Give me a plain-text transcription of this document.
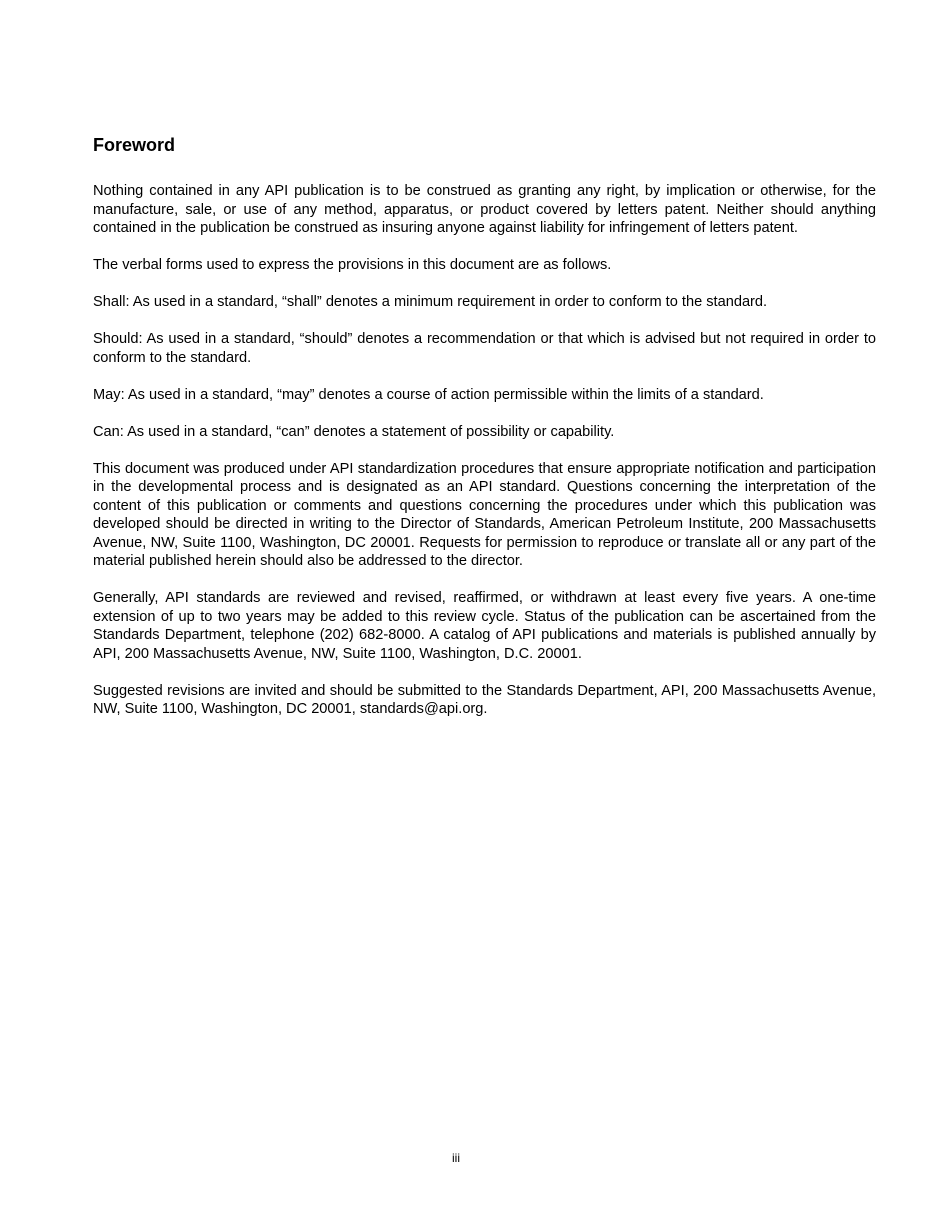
Foreword

Nothing contained in any API publication is to be construed as granting any right, by implication or otherwise, for the manufacture, sale, or use of any method, apparatus, or product covered by letters patent. Neither should anything contained in the publication be construed as insuring anyone against liability for infringement of letters patent.

The verbal forms used to express the provisions in this document are as follows.

Shall: As used in a standard, “shall” denotes a minimum requirement in order to conform to the standard.

Should: As used in a standard, “should” denotes a recommendation or that which is advised but not required in order to conform to the standard.

May: As used in a standard, “may” denotes a course of action permissible within the limits of a standard.

Can: As used in a standard, “can” denotes a statement of possibility or capability.

This document was produced under API standardization procedures that ensure appropriate notification and participation in the developmental process and is designated as an API standard. Questions concerning the interpretation of the content of this publication or comments and questions concerning the procedures under which this publication was developed should be directed in writing to the Director of Standards, American Petroleum Institute, 200 Massachusetts Avenue, NW, Suite 1100, Washington, DC 20001. Requests for permission to reproduce or translate all or any part of the material published herein should also be addressed to the director.

Generally, API standards are reviewed and revised, reaffirmed, or withdrawn at least every five years. A one-time extension of up to two years may be added to this review cycle. Status of the publication can be ascertained from the Standards Department, telephone (202) 682-8000. A catalog of API publications and materials is published annually by API, 200 Massachusetts Avenue, NW, Suite 1100, Washington, D.C. 20001.

Suggested revisions are invited and should be submitted to the Standards Department, API, 200 Massachusetts Avenue, NW, Suite 1100, Washington, DC 20001, standards@api.org.

iii
